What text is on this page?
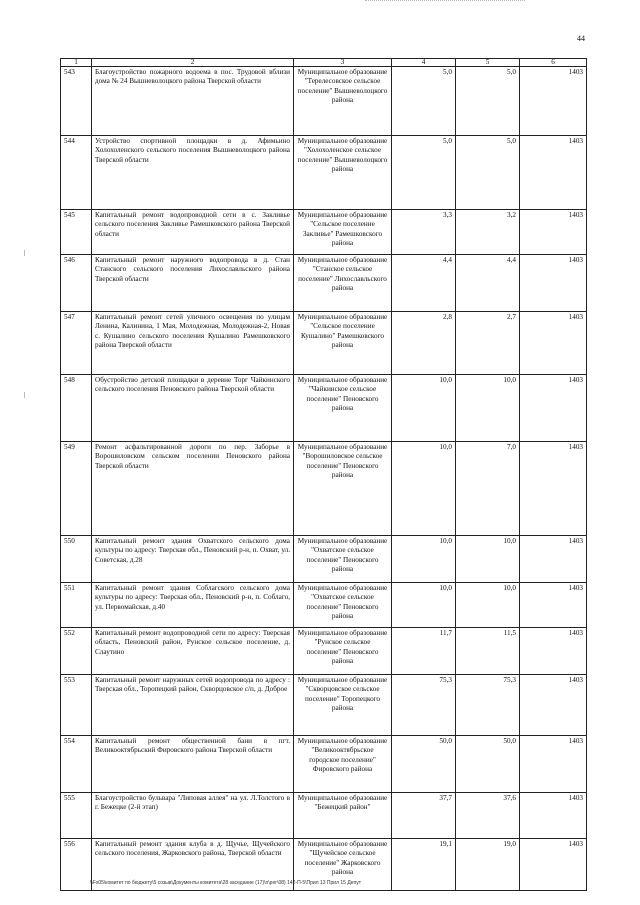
44
1	2	3	4	5	6
543	Благоустройство пожарного водоема в пос. Трудовой вблизи дома № 24 Вышневолоцкого района Тверской области	Муниципальное образование "Терелесовское сельское поселение" Вышневолоцкого района	5,0	5,0	1403
544	Устройство спортивной площадки в д. Афимьино Холохоленского сельского поселения Вышневолоцкого района Тверской области	Муниципальное образование "Холохоленское сельское поселение" Вышневолоцкого района	5,0	5,0	1403
545	Капитальный ремонт водопроводной сети в с. Закливье сельского поселения Закливье Рамешковского района Тверской области	Муниципальное образование "Сельское поселение Закливье" Рамешковского района	3,3	3,2	1403
546	Капитальный ремонт наружного водопровода в д. Стан Станского сельского поселения Лихославльского района Тверской области	Муниципальное образование "Станское сельское поселение" Лихославльского района	4,4	4,4	1403
547	Капитальный ремонт сетей уличного освещения по улицам Ленина, Калинина, 1 Мая, Молодежная, Молодежная-2, Новая с. Кушалино сельского поселения Кушалино Рамешковского района Тверской области	Муниципальное образование "Сельское поселение Кушалино" Рамешковского района	2,8	2,7	1403
548	Обустройство детской площадки в деревне Торг Чайкинского сельского поселения Пеновского района Тверской области	Муниципальное образование "Чайкинское сельское поселение" Пеновского района	10,0	10,0	1403
549	Ремонт асфальтированной дороги по пер. Заборье в Ворошиловском сельском поселении Пеновского района Тверской области	Муниципальное образование "Ворошиловское сельское поселение" Пеновского района	10,0	7,0	1403
550	Капитальный ремонт здания Охватского сельского дома культуры по адресу: Тверская обл., Пеновский р-н, п. Охват, ул. Советская, д.28	Муниципальное образование "Охватское сельское поселение" Пеновского района	10,0	10,0	1403
551	Капитальный ремонт здания Соблагского сельского дома культуры по адресу: Тверская обл., Пеновский р-н, п. Соблаго, ул. Первомайская, д.40	Муниципальное образование "Охватское сельское поселение" Пеновского района	10,0	10,0	1403
552	Капитальный ремонт водопроводной сети по адресу: Тверская область, Пеновский район, Рунское сельское поселение, д. Слаутино	Муниципальное образование "Рунское сельское поселение" Пеновского района	11,7	11,5	1403
553	Капитальный ремонт наружных сетей водопровода по адресу : Тверская обл., Торопецкий район, Скворцовское с/п, д. Доброе	Муниципальное образование "Скворцовское сельское поселение" Торопецкого района	75,3	75,3	1403
554	Капитальный ремонт общественной бани в пгт. Великооктябрьский Фировского района Тверской области	Муниципальное образование "Великооктябрьское городское поселение" Фировского района	50,0	50,0	1403
555	Благоустройство бульвара "Липовая аллея" на ул. Л.Толстого в г. Бежецке (2-й этап)	Муниципальное образование "Бежецкий район"	37,7	37,6	1403
556	Капитальный ремонт здания клуба в д. Щучье, Щучейского сельского поселения, Жарковского района, Тверской области	Муниципальное образование "Щучейское сельское поселение" Жарковского района	19,1	19,0	1403
\\Fs05\комитет по бюджету\5 созыв\Документы комитета\28 заседание (17)\n\рег\08) 142-П-5\Прил 13 Прил 15 Депут
